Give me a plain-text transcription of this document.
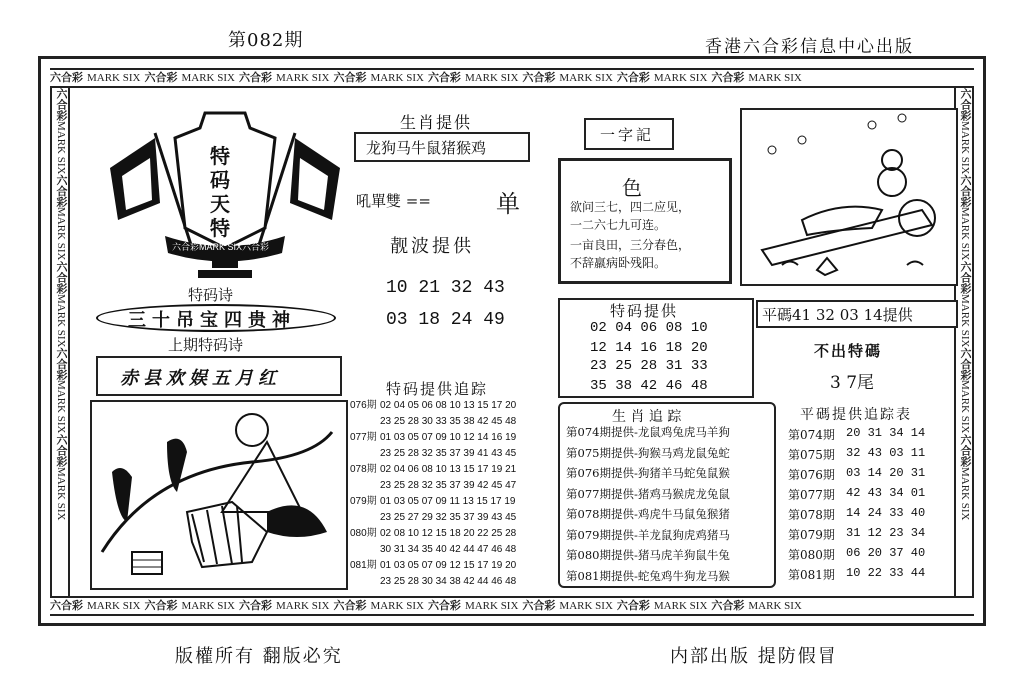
第082期	香港六合彩信息中心出版
六合彩 MARK SIX 六合彩 MARK SIX 六合彩 MARK SIX 六合彩 MARK SIX 六合彩 MARK SIX 六合彩 MARK SIX 六合彩 MARK SIX 六合彩 MARK SIX
六合彩 MARK SIX 六合彩 MARK SIX 六合彩 MARK SIX 六合彩 MARK SIX 六合彩 MARK SIX 六合彩 MARK SIX 六合彩 MARK SIX 六合彩 MARK SIX
六合彩MARK SIX六合彩MARK SIX六合彩MARK SIX六合彩MARK SIX六合彩MARK SIX
六合彩MARK SIX六合彩MARK SIX六合彩MARK SIX六合彩MARK SIX六合彩MARK SIX
特
码
天
特
六合彩MARK SIX六合彩
特码诗
三十吊宝四贵神
上期特码诗
赤县欢娱五月红
生肖提供
龙狗马牛鼠猪猴鸡
吼單雙 ==	单
靓波提供
10 21 32 43
03 18 24 49
一字記
色
欲问三七，四二应见，
一二六七九可连。
一亩良田，三分春色，
不辞羸病卧残阳。
特码提供
02 04 06 08 10
12 14 16 18 20
23 25 28 31 33
35 38 42 46 48
平碼41 32 03 14提供
不出特碼
3 7尾
特码提供追踪
076期 02 04 05 06 08 10 13 15 17 20
23 25 28 30 33 35 38 42 45 48
077期 01 03 05 07 09 10 12 14 16 19
23 25 28 32 35 37 39 41 43 45
078期 02 04 06 08 10 13 15 17 19 21
23 25 28 32 35 37 39 42 45 47
079期 01 03 05 07 09 11 13 15 17 19
23 25 27 29 32 35 37 39 43 45
080期 02 08 10 12 15 18 20 22 25 28
30 31 34 35 40 42 44 47 46 48
081期 01 03 05 07 09 12 15 17 19 20
23 25 28 30 34 38 42 44 46 48
生 肖 追 踪
第074期提供-龙鼠鸡兔虎马羊狗
第075期提供-狗猴马鸡龙鼠兔蛇
第076期提供-狗猪羊马蛇兔鼠猴
第077期提供-猪鸡马猴虎龙兔鼠
第078期提供-鸡虎牛马鼠兔猴猪
第079期提供-羊龙鼠狗虎鸡猪马
第080期提供-猪马虎羊狗鼠牛兔
第081期提供-蛇兔鸡牛狗龙马猴
平碼提供追踪表
第074期 20 31 34 14
第075期 32 43 03 11
第076期 03 14 20 31
第077期 42 43 34 01
第078期 14 24 33 40
第079期 31 12 23 34
第080期 06 20 37 40
第081期 10 22 33 44
版權所有 翻版必究	内部出版 提防假冒
